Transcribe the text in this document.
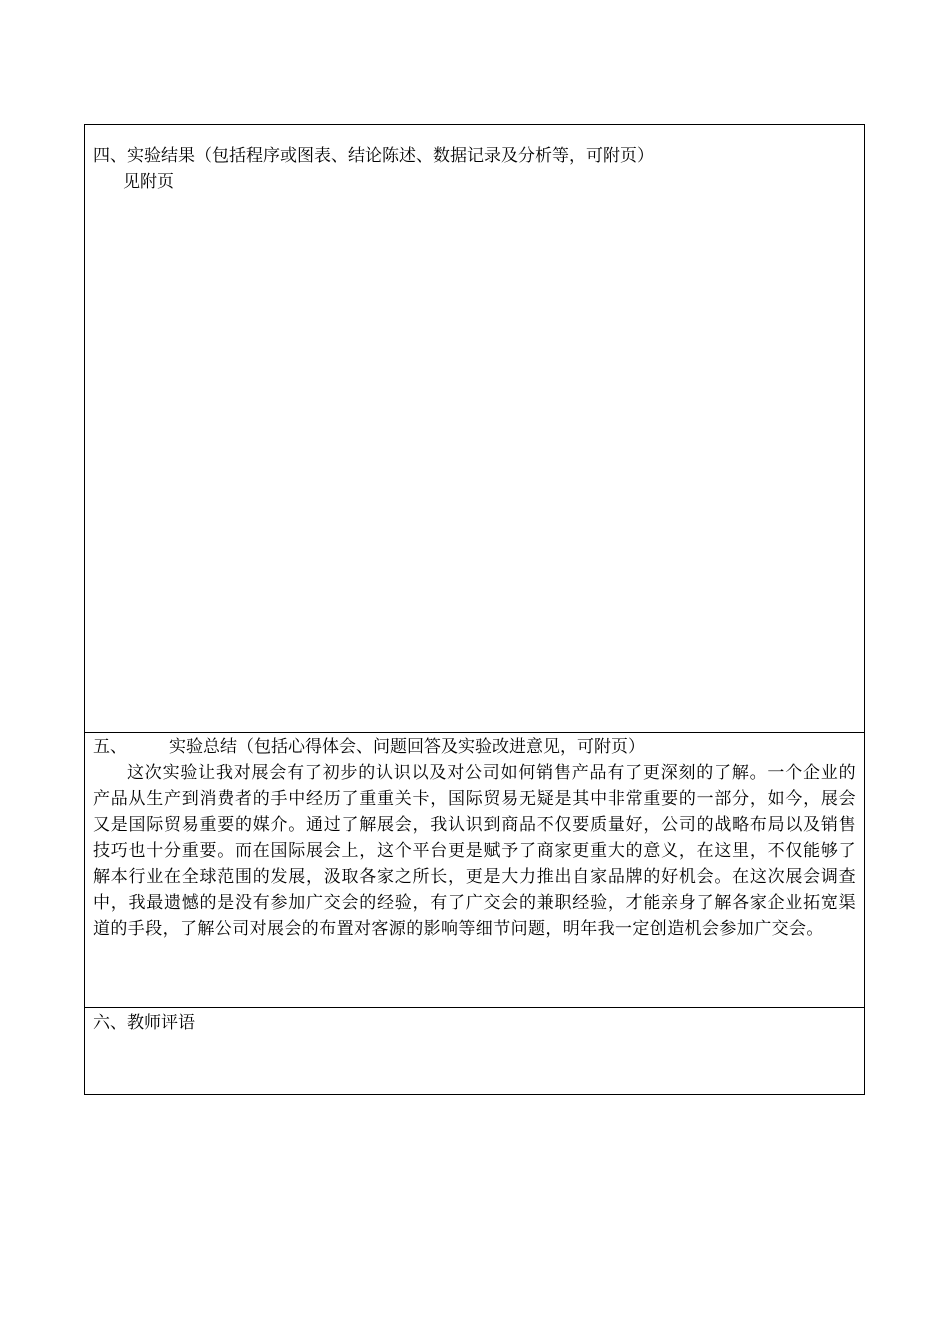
四、实验结果（包括程序或图表、结论陈述、数据记录及分析等，可附页）
见附页
五、 实验总结（包括心得体会、问题回答及实验改进意见，可附页）

这次实验让我对展会有了初步的认识以及对公司如何销售产品有了更深刻的了解。一个企业的产品从生产到消费者的手中经历了重重关卡，国际贸易无疑是其中非常重要的一部分，如今，展会又是国际贸易重要的媒介。通过了解展会，我认识到商品不仅要质量好，公司的战略布局以及销售技巧也十分重要。而在国际展会上，这个平台更是赋予了商家更重大的意义，在这里，不仅能够了解本行业在全球范围的发展，汲取各家之所长，更是大力推出自家品牌的好机会。在这次展会调查中，我最遗憾的是没有参加广交会的经验，有了广交会的兼职经验，才能亲身了解各家企业拓宽渠道的手段，了解公司对展会的布置对客源的影响等细节问题，明年我一定创造机会参加广交会。

六、教师评语
